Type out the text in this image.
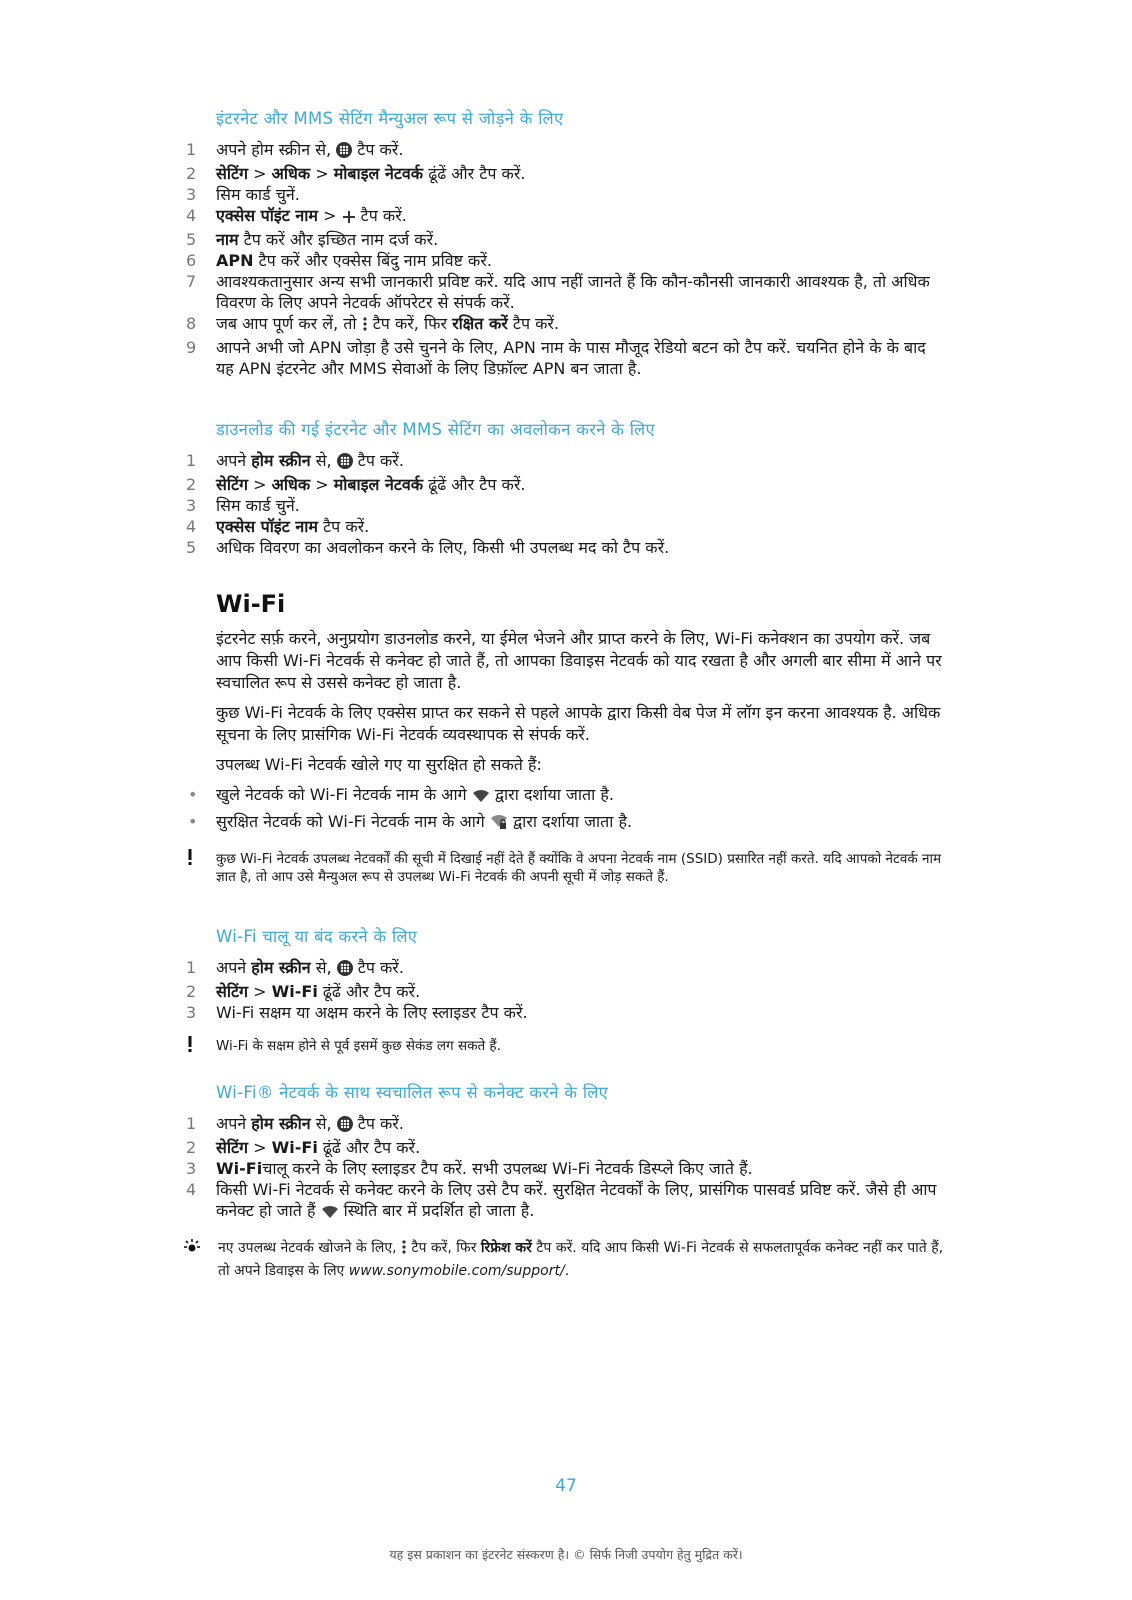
इंटरनेट और MMS सेटिंग मैन्युअल रूप से जोड़ने के लिए
1	अपने होम स्क्रीन से,  टैप करें.
2	सेटिंग > अधिक > मोबाइल नेटवर्क ढूंढें और टैप करें.
3	सिम कार्ड चुनें.
4	एक्सेस पॉइंट नाम >  टैप करें.
5	नाम टैप करें और इच्छित नाम दर्ज करें.
6	APN टैप करें और एक्सेस बिंदु नाम प्रविष्ट करें.
7	आवश्यकतानुसार अन्य सभी जानकारी प्रविष्ट करें. यदि आप नहीं जानते हैं कि कौन-कौनसी जानकारी आवश्यक है, तो अधिक विवरण के लिए अपने नेटवर्क ऑपरेटर से संपर्क करें.
8	जब आप पूर्ण कर लें, तो  टैप करें, फिर रक्षित करें टैप करें.
9	आपने अभी जो APN जोड़ा है उसे चुनने के लिए, APN नाम के पास मौजूद रेडियो बटन को टैप करें. चयनित होने के के बाद यह APN इंटरनेट और MMS सेवाओं के लिए डिफ़ॉल्ट APN बन जाता है.
डाउनलोड की गई इंटरनेट और MMS सेटिंग का अवलोकन करने के लिए
1	अपने होम स्क्रीन से,  टैप करें.
2	सेटिंग > अधिक > मोबाइल नेटवर्क ढूंढें और टैप करें.
3	सिम कार्ड चुनें.
4	एक्सेस पॉइंट नाम टैप करें.
5	अधिक विवरण का अवलोकन करने के लिए, किसी भी उपलब्ध मद को टैप करें.
Wi-Fi

इंटरनेट सर्फ़ करने, अनुप्रयोग डाउनलोड करने, या ईमेल भेजने और प्राप्त करने के लिए, Wi-Fi कनेक्शन का उपयोग करें. जब आप किसी Wi-Fi नेटवर्क से कनेक्ट हो जाते हैं, तो आपका डिवाइस नेटवर्क को याद रखता है और अगली बार सीमा में आने पर स्वचालित रूप से उससे कनेक्ट हो जाता है.

कुछ Wi-Fi नेटवर्क के लिए एक्सेस प्राप्त कर सकने से पहले आपके द्वारा किसी वेब पेज में लॉग इन करना आवश्यक है. अधिक सूचना के लिए प्रासंगिक Wi-Fi नेटवर्क व्यवस्थापक से संपर्क करें.

उपलब्ध Wi-Fi नेटवर्क खोले गए या सुरक्षित हो सकते हैं:

• खुले नेटवर्क को Wi-Fi नेटवर्क नाम के आगे  द्वारा दर्शाया जाता है.
• सुरक्षित नेटवर्क को Wi-Fi नेटवर्क नाम के आगे  द्वारा दर्शाया जाता है.
कुछ Wi-Fi नेटवर्क उपलब्ध नेटवर्कों की सूची में दिखाई नहीं देते हैं क्योंकि वे अपना नेटवर्क नाम (SSID) प्रसारित नहीं करते. यदि आपको नेटवर्क नाम ज्ञात है, तो आप उसे मैन्युअल रूप से उपलब्ध Wi-Fi नेटवर्क की अपनी सूची में जोड़ सकते हैं.
Wi-Fi चालू या बंद करने के लिए
1	अपने होम स्क्रीन से,  टैप करें.
2	सेटिंग > Wi-Fi ढूंढें और टैप करें.
3	Wi-Fi सक्षम या अक्षम करने के लिए स्लाइडर टैप करें.
Wi-Fi के सक्षम होने से पूर्व इसमें कुछ सेकंड लग सकते हैं.
Wi-Fi® नेटवर्क के साथ स्वचालित रूप से कनेक्ट करने के लिए
1	अपने होम स्क्रीन से,  टैप करें.
2	सेटिंग > Wi-Fi ढूंढें और टैप करें.
3	Wi-Fiचालू करने के लिए स्लाइडर टैप करें. सभी उपलब्ध Wi-Fi नेटवर्क डिस्प्ले किए जाते हैं.
4	किसी Wi-Fi नेटवर्क से कनेक्ट करने के लिए उसे टैप करें. सुरक्षित नेटवर्कों के लिए, प्रासंगिक पासवर्ड प्रविष्ट करें. जैसे ही आप कनेक्ट हो जाते हैं  स्थिति बार में प्रदर्शित हो जाता है.
नए उपलब्ध नेटवर्क खोजने के लिए,  टैप करें, फिर रिफ्रेश करें टैप करें. यदि आप किसी Wi-Fi नेटवर्क से सफलतापूर्वक कनेक्ट नहीं कर पाते हैं, तो अपने डिवाइस के लिए www.sonymobile.com/support/.
47
यह इस प्रकाशन का इंटरनेट संस्करण है। © सिर्फ निजी उपयोग हेतु मुद्रित करें।
